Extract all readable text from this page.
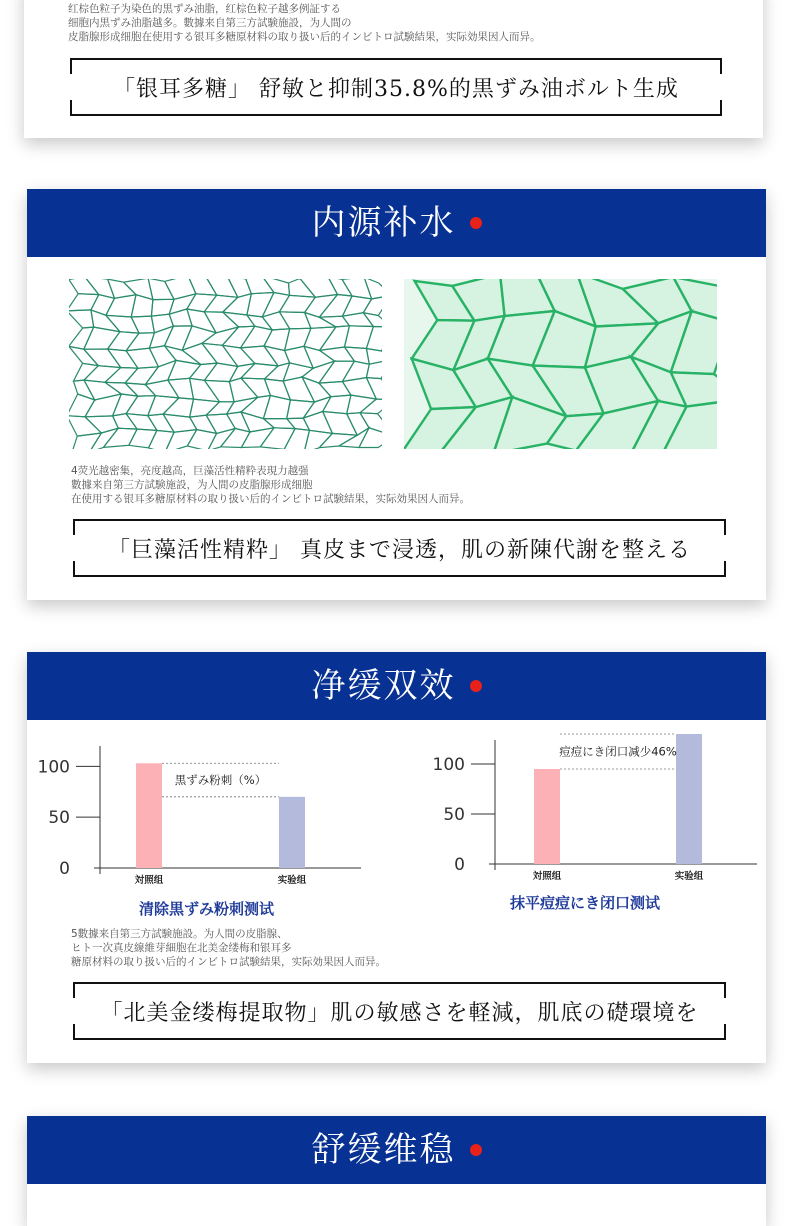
红棕色粒子为染色的黒ずみ油脂，红棕色粒子越多例証する
细胞内黒ずみ油脂越多。數據来自第三方試験施設，为人間の
皮脂腺形成细胞在使用する银耳多糖原材料の取り扱い后的インビトロ試験結果，实际効果因人而异。
「银耳多糖」 舒敏と抑制35.8%的黒ずみ油ボルト生成
内源补水
4荧光越密集，亮度越高，巨藻活性精粋表現力越强
數據来自第三方試験施設，为人間の皮脂腺形成细胞
在使用する银耳多糖原材料の取り扱い后的インビトロ試験結果，实际効果因人而异。
「巨藻活性精粋」 真皮まで浸透，肌の新陳代謝を整える
净缓双效
0
50
100
対照组	实验组
黒ずみ粉刺（%）
清除黒ずみ粉刺测试
0
50
100
対照组	实验组
痘痘にき闭口减少46%
抹平痘痘にき闭口测试
5數據来自第三方試験施設。为人間の皮脂腺、
ヒト一次真皮線維芽細胞在北美金缕梅和银耳多
糖原材料の取り扱い后的インビトロ試験結果，实际効果因人而异。
「北美金缕梅提取物」肌の敏感さを軽減，肌底の礎環境を
舒缓维稳
